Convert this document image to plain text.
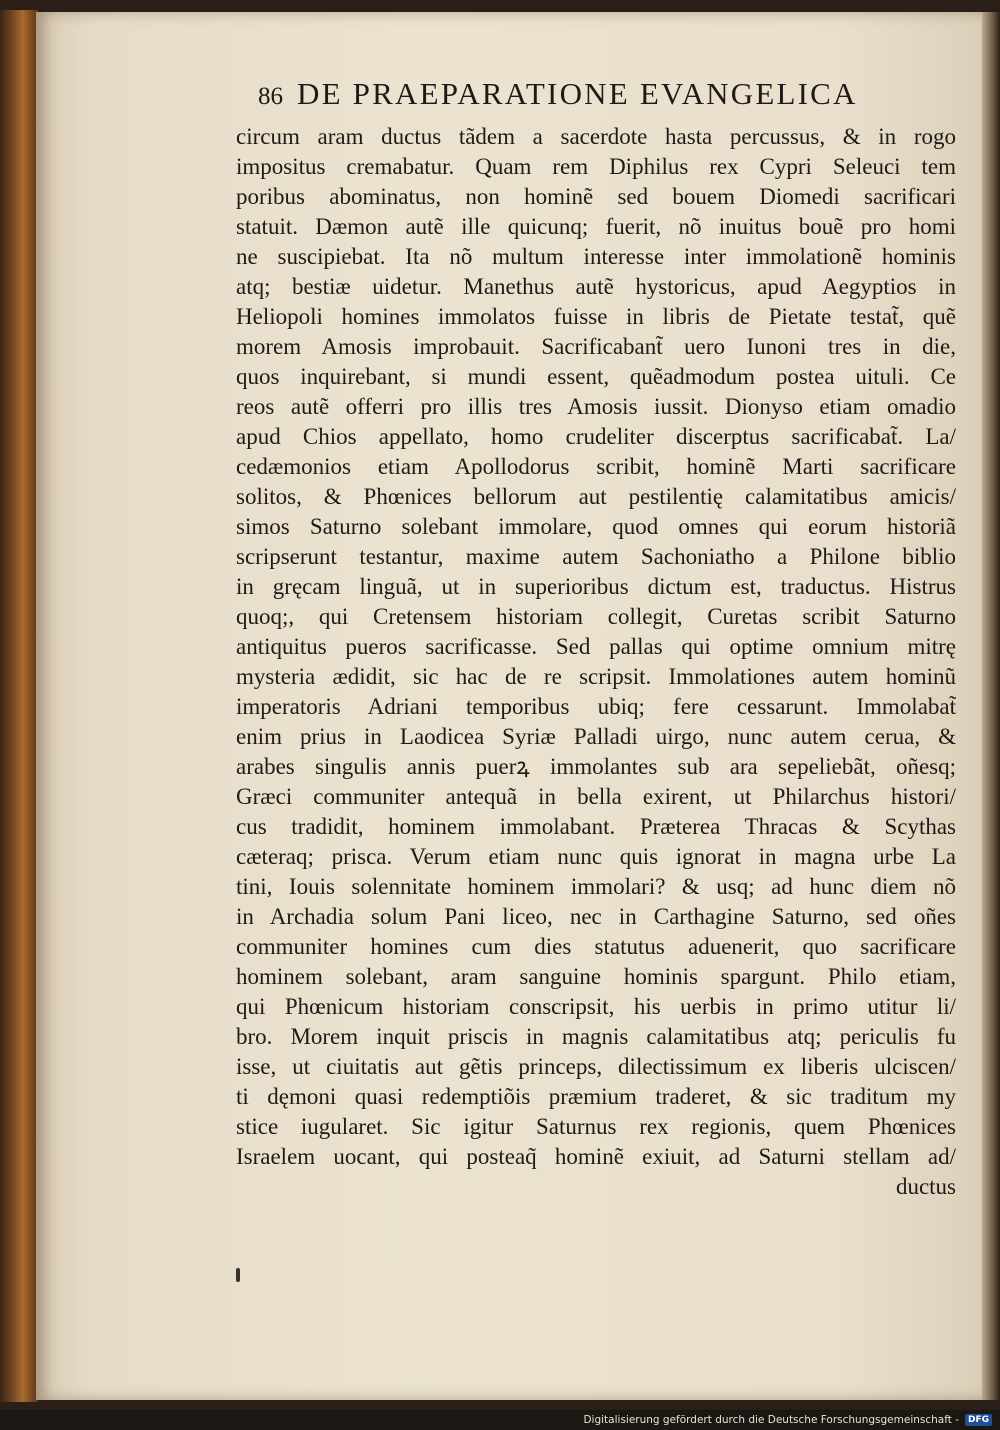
86 DE PRAEPARATIONE EVANGELICA
circum aram ductus tãdem a sacerdote hasta percussus, & in rogo
impositus cremabatur. Quam rem Diphilus rex Cypri Seleuci tem
poribus abominatus, non hominẽ sed bouem Diomedi sacrificari
statuit. Dæmon autẽ ille quicunq; fuerit, nõ inuitus bouẽ pro homi
ne suscipiebat. Ita nõ multum interesse inter immolationẽ hominis
atq; bestiæ uidetur. Manethus autẽ hystoricus, apud Aegyptios in
Heliopoli homines immolatos fuisse in libris de Pietate testat̃, quẽ
morem Amosis improbauit. Sacrificabant̃ uero Iunoni tres in die,
quos inquirebant, si mundi essent, quẽadmodum postea uituli. Ce
reos autẽ offerri pro illis tres Amosis iussit. Dionyso etiam omadio
apud Chios appellato, homo crudeliter discerptus sacrificabat̃. La/
cedæmonios etiam Apollodorus scribit, hominẽ Marti sacrificare
solitos, & Phœnices bellorum aut pestilentię calamitatibus amicis/
simos Saturno solebant immolare, quod omnes qui eorum historiã
scripserunt testantur, maxime autem Sachoniatho a Philone biblio
in gręcam linguã, ut in superioribus dictum est, traductus. Histrus
quoq;, qui Cretensem historiam collegit, Curetas scribit Saturno
antiquitus pueros sacrificasse. Sed pallas qui optime omnium mitrę
mysteria ædidit, sic hac de re scripsit. Immolationes autem hominũ
imperatoris Adriani temporibus ubiq; fere cessarunt. Immolabat̃
enim prius in Laodicea Syriæ Palladi uirgo, nunc autem cerua, &
arabes singulis annis puerꝝ immolantes sub ara sepeliebãt, oñesq;
Græci communiter antequã in bella exirent, ut Philarchus histori/
cus tradidit, hominem immolabant. Præterea Thracas & Scythas
cæteraq; prisca. Verum etiam nunc quis ignorat in magna urbe La
tini, Iouis solennitate hominem immolari? & usq; ad hunc diem nõ
in Archadia solum Pani liceo, nec in Carthagine Saturno, sed oñes
communiter homines cum dies statutus aduenerit, quo sacrificare
hominem solebant, aram sanguine hominis spargunt. Philo etiam,
qui Phœnicum historiam conscripsit, his uerbis in primo utitur li/
bro. Morem inquit priscis in magnis calamitatibus atq; periculis fu
isse, ut ciuitatis aut gẽtis princeps, dilectissimum ex liberis ulciscen/
ti dęmoni quasi redemptiõis præmium traderet, & sic traditum my
stice iugularet. Sic igitur Saturnus rex regionis, quem Phœnices
Israelem uocant, qui posteaq̃ hominẽ exiuit, ad Saturni stellam ad/
ductus
Digitalisierung gefördert durch die Deutsche Forschungsgemeinschaft -	DFG
